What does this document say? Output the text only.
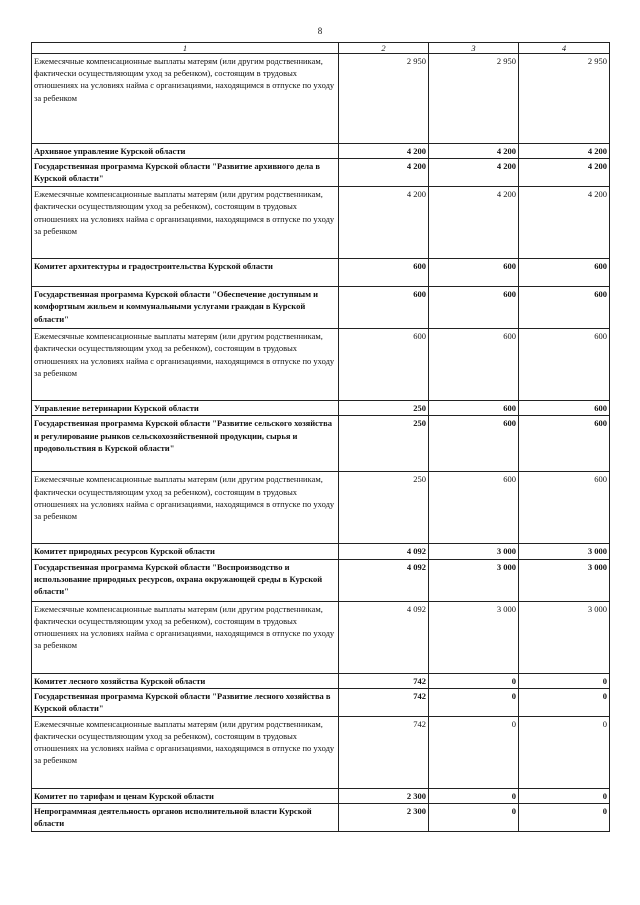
8
1	2	3	4
Ежемесячные компенсационные выплаты матерям (или другим родственникам, фактически осуществляющим уход за ребенком), состоящим в трудовых отношениях на условиях найма с организациями, находящимся в отпуске по уходу за ребенком	2 950	2 950	2 950
Архивное управление Курской области	4 200	4 200	4 200
Государственная программа Курской области "Развитие архивного дела в Курской области"	4 200	4 200	4 200
Ежемесячные компенсационные выплаты матерям (или другим родственникам, фактически осуществляющим уход за ребенком), состоящим в трудовых отношениях на условиях найма с организациями, находящимся в отпуске по уходу за ребенком	4 200	4 200	4 200
Комитет архитектуры и градостроительства Курской области	600	600	600
Государственная программа Курской области "Обеспечение доступным и комфортным жильем и коммунальными услугами граждан в Курской области"	600	600	600
Ежемесячные компенсационные выплаты матерям (или другим родственникам, фактически осуществляющим уход за ребенком), состоящим в трудовых отношениях на условиях найма с организациями, находящимся в отпуске по уходу за ребенком	600	600	600
Управление ветеринарии Курской области	250	600	600
Государственная программа Курской области "Развитие сельского хозяйства и регулирование рынков сельскохозяйственной продукции, сырья и продовольствия в Курской области"	250	600	600
Ежемесячные компенсационные выплаты матерям (или другим родственникам, фактически осуществляющим уход за ребенком), состоящим в трудовых отношениях на условиях найма с организациями, находящимся в отпуске по уходу за ребенком	250	600	600
Комитет природных ресурсов Курской области	4 092	3 000	3 000
Государственная программа Курской области "Воспроизводство и использование природных ресурсов, охрана окружающей среды в Курской области"	4 092	3 000	3 000
Ежемесячные компенсационные выплаты матерям (или другим родственникам, фактически осуществляющим уход за ребенком), состоящим в трудовых отношениях на условиях найма с организациями, находящимся в отпуске по уходу за ребенком	4 092	3 000	3 000
Комитет лесного хозяйства Курской области	742	0	0
Государственная программа Курской области "Развитие лесного хозяйства в Курской области"	742	0	0
Ежемесячные компенсационные выплаты матерям (или другим родственникам, фактически осуществляющим уход за ребенком), состоящим в трудовых отношениях на условиях найма с организациями, находящимся в отпуске по уходу за ребенком	742	0	0
Комитет по тарифам и ценам Курской области	2 300	0	0
Непрограммная деятельность органов исполнительной власти Курской области	2 300	0	0
